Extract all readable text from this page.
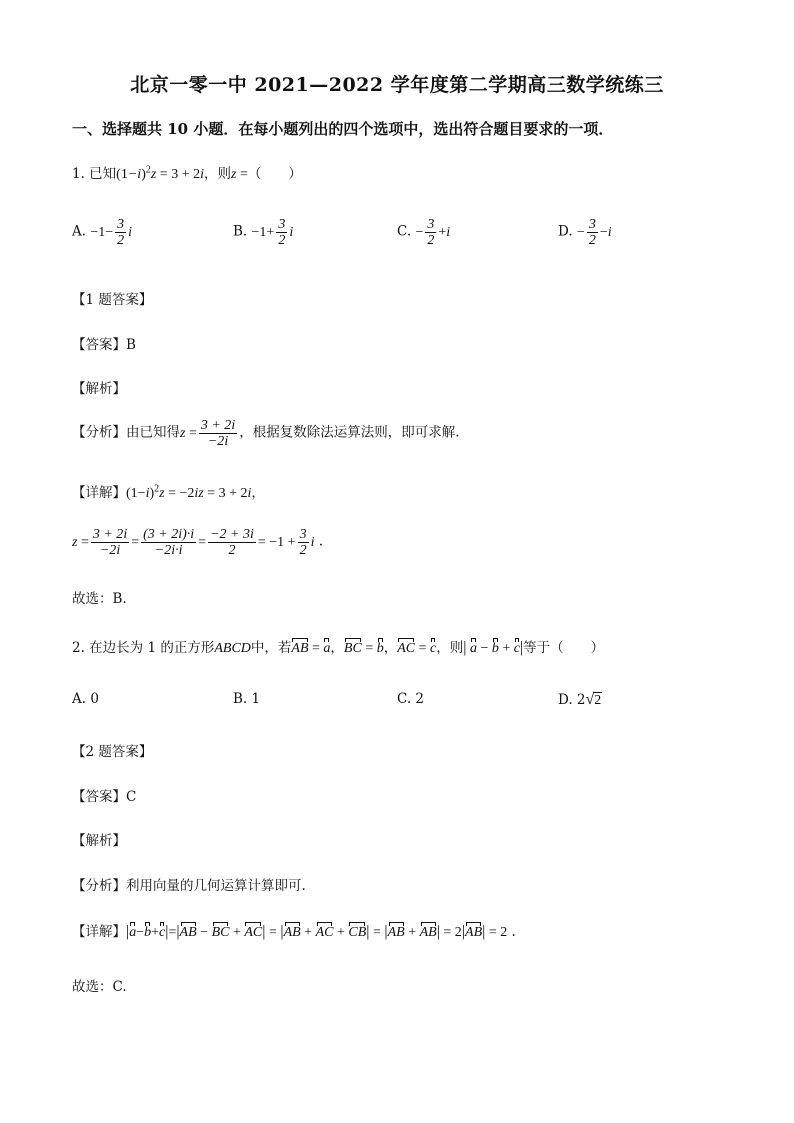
北京一零一中 2021—2022 学年度第二学期高三数学统练三
一、选择题共 10 小题．在每小题列出的四个选项中，选出符合题目要求的一项．
1. 已知$(1-i)^2z = 3 + 2i$，则z =（　　）
A. $-1- \frac{3}{2}$ i	B. $-1+ \frac{3}{2}$ i	C. − $\frac{3}{2} +i$	D. − $\frac{3}{2} -i$
【1 题答案】
【答案】B
【解析】
【分析】由已知得$z = \frac{3 + 2i}{-2i}$ ，根据复数除法运算法则，即可求解.
【详解】$(1-i)^2z = -2iz = 3 + 2i$，
$z = \frac{3 + 2i}{-2i} = \frac{(3 + 2i)\cdot i}{-2i\cdot i} = \frac{-2 + 3i}{2} = -1 + \frac{3}{2}$ i .
故选：B.
2. 在边长为 1 的正方形ABCD中，若AB = a，BC = b，AC = c，则| a − b + c|等于（　　）
A. 0	B. 1	C. 2	D. 2√2
【2 题答案】
【答案】C
【解析】
【分析】利用向量的几何运算计算即可.
【详解】|a−b+c|=|AB − BC + AC| = |AB + AC + CB| = |AB + AB| = 2|AB| = 2 .
故选：C.
